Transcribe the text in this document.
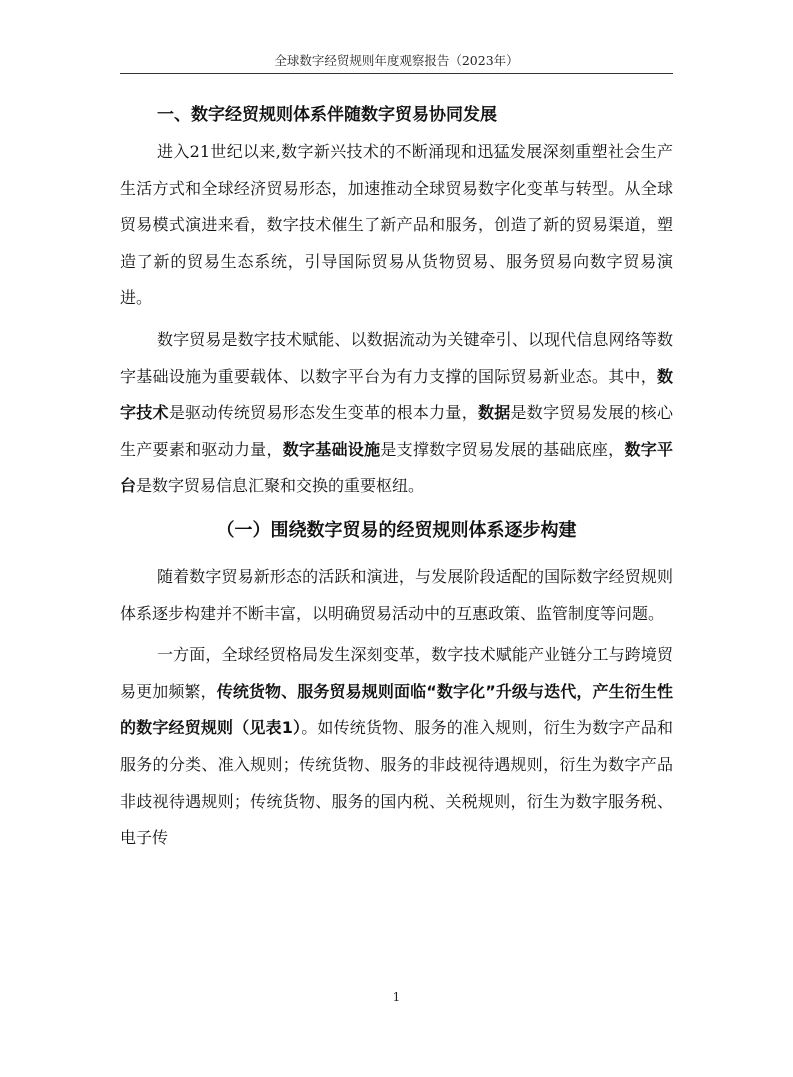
全球数字经贸规则年度观察报告（2023年）
一、数字经贸规则体系伴随数字贸易协同发展

进入21世纪以来,数字新兴技术的不断涌现和迅猛发展深刻重塑社会生产生活方式和全球经济贸易形态，加速推动全球贸易数字化变革与转型。从全球贸易模式演进来看，数字技术催生了新产品和服务，创造了新的贸易渠道，塑造了新的贸易生态系统，引导国际贸易从货物贸易、服务贸易向数字贸易演进。

数字贸易是数字技术赋能、以数据流动为关键牵引、以现代信息网络等数字基础设施为重要载体、以数字平台为有力支撑的国际贸易新业态。其中，数字技术是驱动传统贸易形态发生变革的根本力量，数据是数字贸易发展的核心生产要素和驱动力量，数字基础设施是支撑数字贸易发展的基础底座，数字平台是数字贸易信息汇聚和交换的重要枢纽。

（一）围绕数字贸易的经贸规则体系逐步构建

随着数字贸易新形态的活跃和演进，与发展阶段适配的国际数字经贸规则体系逐步构建并不断丰富，以明确贸易活动中的互惠政策、监管制度等问题。

一方面，全球经贸格局发生深刻变革，数字技术赋能产业链分工与跨境贸易更加频繁，传统货物、服务贸易规则面临“数字化”升级与迭代，产生衍生性的数字经贸规则（见表1）。如传统货物、服务的准入规则，衍生为数字产品和服务的分类、准入规则；传统货物、服务的非歧视待遇规则，衍生为数字产品非歧视待遇规则；传统货物、服务的国内税、关税规则，衍生为数字服务税、电子传

1
